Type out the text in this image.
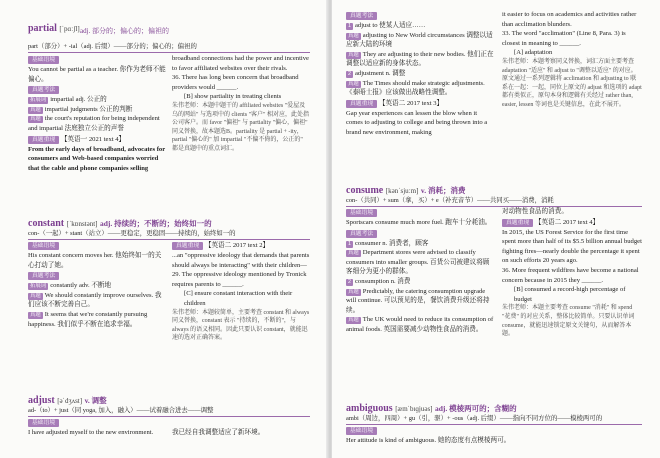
partial [ˈpɑːʃl] adj. 部分的；偏心的；偏袒的
part（部分）+ -ial（adj. 后缀）——部分的；偏心的；偏袒的
基础语境

You cannot be partial as a teacher. 你作为老师不能偏心。

真题考法

拓展词 impartial adj. 公正的

真题 impartial judgments 公正的判断

真题 the court's reputation for being independent and impartial 法庭独立公正的声誉

真题重现 【英语一 2021 text 4】

From the early days of broadband, advocates for consumers and Web-based companies worried that the cable and phone companies selling

broadband connections had the power and incentive to favor affiliated websites over their rivals.

36. There has long been concern that broadband providers would ______.

[B] show partiality in treating clients

朱伟老师：本题中题干的 affiliated websites "爱屋及乌的网站" 与选项中的 clients "客户" 相对应，此处指公司客户。而 favor "偏袒" 与 partiality "偏心，偏袒" 同义替换，故本题选B。partiality 是 partial + -ity，partial "偏心的" 加 impartial "不偏不倚的，公正的" 都是真题中的重点词汇。

constant [ˈkɒnstənt] adj. 持续的；不断的；始终如一的
con-（一起）+ stant（站立）——更稳定，更稳固——持续的，始终如一的
基础语境

His constant concern moves her. 他始终如一的关心打动了她。

真题考法

拓展词 constantly adv. 不断地

真题 We should constantly improve ourselves. 我们应该不断完善自己。

真题 It seems that we're constantly pursuing happiness. 我们似乎不断在追求幸福。

真题重现 【英语二 2017 text 2】

...an "oppressive ideology that demands that parents should always be interacting" with their children—

29. The oppressive ideology mentioned by Tronick requires parents to ______.

[C] ensure constant interaction with their children

朱伟老师：本题较简单，主要考查 constant 和 always 同义替换，constant 表示 "持续的，不断的"，与 always 的语义相同。因此只要认识 constant，就能迅速的选对正确答案。

adjust [əˈdʒʌst] v. 调整
ad-（to）+ just（同 yoga, 加入，融入）——试着融合进去——调整
基础语境

I have adjusted myself to the new environment.	我已经自我调整适应了新环境。

真题考法

1 adjust to 使某人适应……

真题 adjusting to New World circumstances 调整以适应新大陆的环境

真题 They are adjusting to their new bodies. 他们正在调整以适应新的身体状态。

2 adjustment n. 调整

真题 The Times should make strategic adjustments. 《泰晤士报》应该做出战略性调整。

真题重现 【英语二 2017 text 3】

Gap year experiences can lessen the blow when it comes to adjusting to college and being thrown into a brand new environment, making

it easier to focus on academics and activities rather than acclimation blunders.

33. The word "acclimation" (Line 8, Para. 3) is closest in meaning to ______.

[A] adaptation

朱伟老师：本题考察同义替换，词汇方面主要考查 adaptation "适应" 和 adjust to "调整以适应" 的对应。原文通过一系列逻辑将 acclimation 和 adjusting to 联系在一起：一起，同位上原文的 adjust 和选项的 adapt 都有类似正，原句本身和逻辑有关经过 rather than, easier, lessen 等词也是关键信息，在此不展开。

consume [kənˈsjuːm] v. 消耗；消费
con-（共同）+ sum（拿，买）+ e（补充音节）——共同买——消费，消耗
基础语境

Sportscars consume much more fuel. 跑车十分耗油。

真题考法

1 consumer n. 消费者，顾客

真题 Department stores were advised to classify consumers into smaller groups. 百货公司被建议将顾客细分为更小的群体。

2 consumption n. 消费

真题 Predictably, the catering consumption upgrade will continue. 可以预见的是，餐饮消费升级还将持续。

真题 The UK would need to reduce its consumption of animal foods. 英国需要减少动物性食品的消费。

对动物性食品的消费。

真题重现 【英语二 2017 text 4】

In 2015, the US Forest Service for the first time spent more than half of its $5.5 billion annual budget fighting fires—nearly double the percentage it spent on such efforts 20 years ago.

36. More frequent wildfires have become a national concern because in 2015 they ______.

[B] consumed a record-high percentage of budget

朱伟老师：本题主要考查 consume "消耗" 和 spend "花费" 的对应关系，整体比较简单。只要认识单词 consume，就能迅速锁定原文关键句，从而解答本题。

ambiguous [æmˈbɪɡjuəs] adj. 模棱两可的；含糊的
ambi（周边，四周）+ gu（引，驱）+ -ous（adj. 后缀）——指向不同方位的——模棱两可的
基础语境

Her attitude is kind of ambiguous. 她的态度有点模棱两可。
